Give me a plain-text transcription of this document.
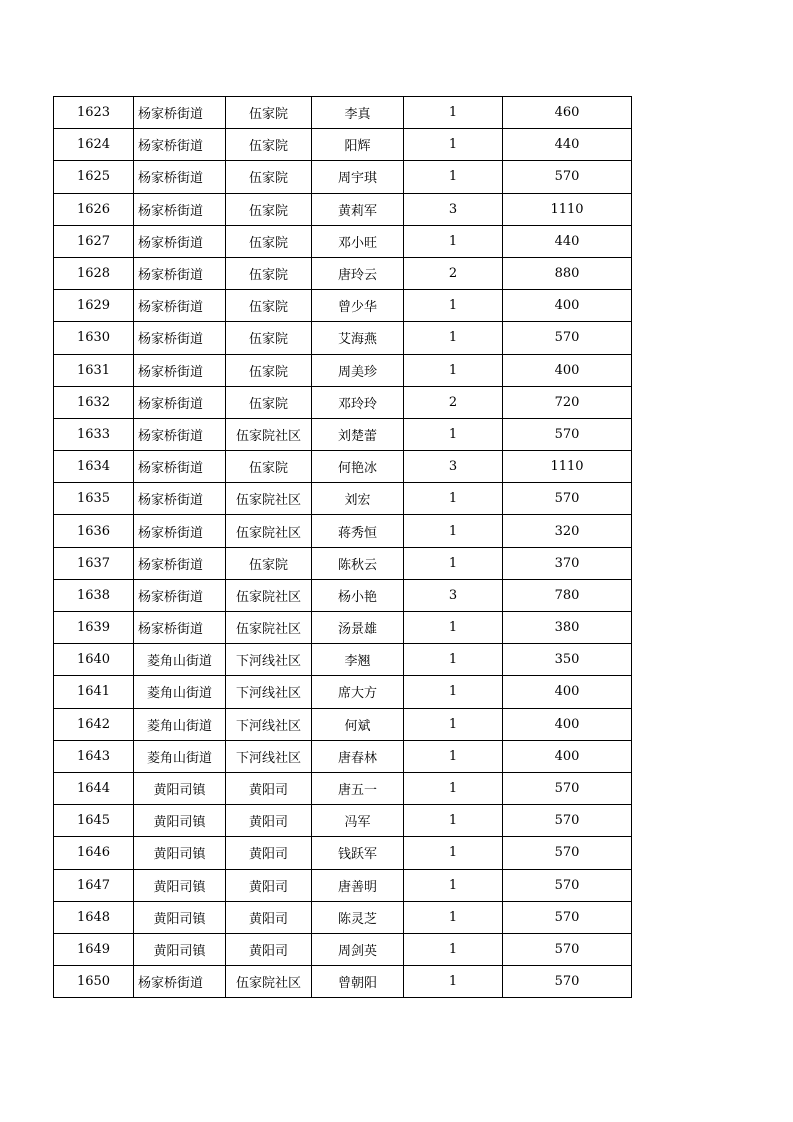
1623	杨家桥街道	伍家院	李真	1	460
1624	杨家桥街道	伍家院	阳辉	1	440
1625	杨家桥街道	伍家院	周宇琪	1	570
1626	杨家桥街道	伍家院	黄莉军	3	1110
1627	杨家桥街道	伍家院	邓小旺	1	440
1628	杨家桥街道	伍家院	唐玲云	2	880
1629	杨家桥街道	伍家院	曾少华	1	400
1630	杨家桥街道	伍家院	艾海燕	1	570
1631	杨家桥街道	伍家院	周美珍	1	400
1632	杨家桥街道	伍家院	邓玲玲	2	720
1633	杨家桥街道	伍家院社区	刘楚蕾	1	570
1634	杨家桥街道	伍家院	何艳冰	3	1110
1635	杨家桥街道	伍家院社区	刘宏	1	570
1636	杨家桥街道	伍家院社区	蒋秀恒	1	320
1637	杨家桥街道	伍家院	陈秋云	1	370
1638	杨家桥街道	伍家院社区	杨小艳	3	780
1639	杨家桥街道	伍家院社区	汤景雄	1	380
1640	菱角山街道	下河线社区	李翘	1	350
1641	菱角山街道	下河线社区	席大方	1	400
1642	菱角山街道	下河线社区	何斌	1	400
1643	菱角山街道	下河线社区	唐春林	1	400
1644	黄阳司镇	黄阳司	唐五一	1	570
1645	黄阳司镇	黄阳司	冯军	1	570
1646	黄阳司镇	黄阳司	钱跃军	1	570
1647	黄阳司镇	黄阳司	唐善明	1	570
1648	黄阳司镇	黄阳司	陈灵芝	1	570
1649	黄阳司镇	黄阳司	周剑英	1	570
1650	杨家桥街道	伍家院社区	曾朝阳	1	570
